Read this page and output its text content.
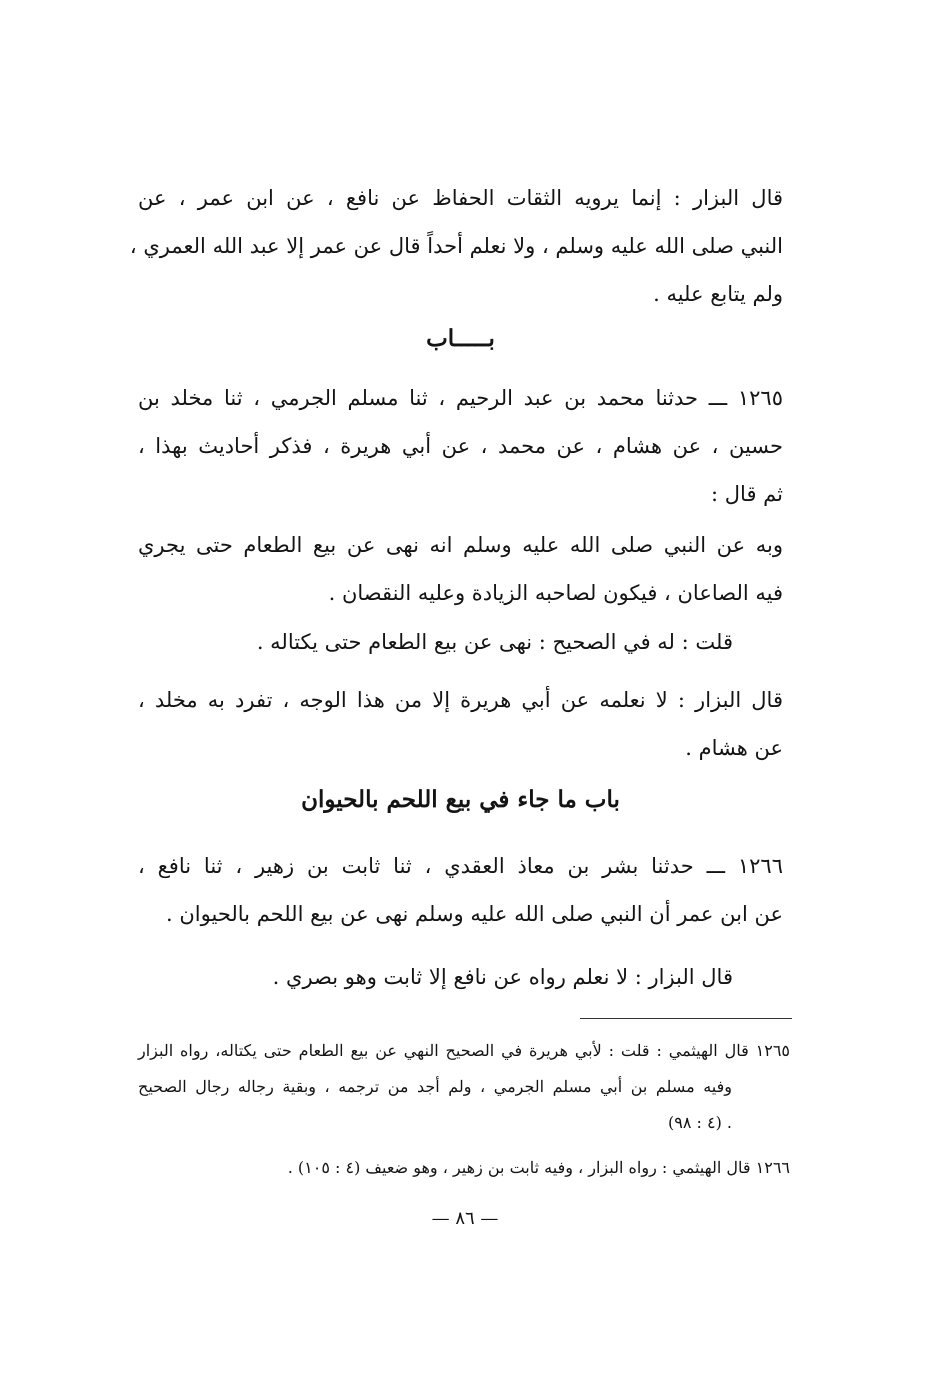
قال البزار : إنما يرويه الثقات الحفاظ عن نافع ، عن ابن عمر ، عن
النبي صلى الله عليه وسلم ، ولا نعلم أحداً قال عن عمر إلا عبد الله العمري ،
ولم يتابع عليه .
بـــــاب
١٢٦٥ ـــ حدثنا محمد بن عبد الرحيم ، ثنا مسلم الجرمي ، ثنا مخلد بن
حسين ، عن هشام ، عن محمد ، عن أبي هريرة ، فذكر أحاديث بهذا ،
ثم قال :
وبه عن النبي صلى الله عليه وسلم انه نهى عن بيع الطعام حتى يجري
فيه الصاعان ، فيكون لصاحبه الزيادة وعليه النقصان .
قلت : له في الصحيح : نهى عن بيع الطعام حتى يكتاله .
قال البزار : لا نعلمه عن أبي هريرة إلا من هذا الوجه ، تفرد به مخلد ،
عن هشام .
باب ما جاء في بيع اللحم بالحيوان
١٢٦٦ ـــ حدثنا بشر بن معاذ العقدي ، ثنا ثابت بن زهير ، ثنا نافع ،
عن ابن عمر أن النبي صلى الله عليه وسلم نهى عن بيع اللحم بالحيوان .
قال البزار : لا نعلم رواه عن نافع إلا ثابت وهو بصري .
١٢٦٥ قال الهيثمي : قلت : لأبي هريرة في الصحيح النهي عن بيع الطعام حتى يكتاله، رواه البزار
وفيه مسلم بن أبي مسلم الجرمي ، ولم أجد من ترجمه ، وبقية رجاله رجال الصحيح
. (٤ : ٩٨)
١٢٦٦ قال الهيثمي : رواه البزار ، وفيه ثابت بن زهير ، وهو ضعيف (٤ : ١٠٥) .
— ٨٦ —
